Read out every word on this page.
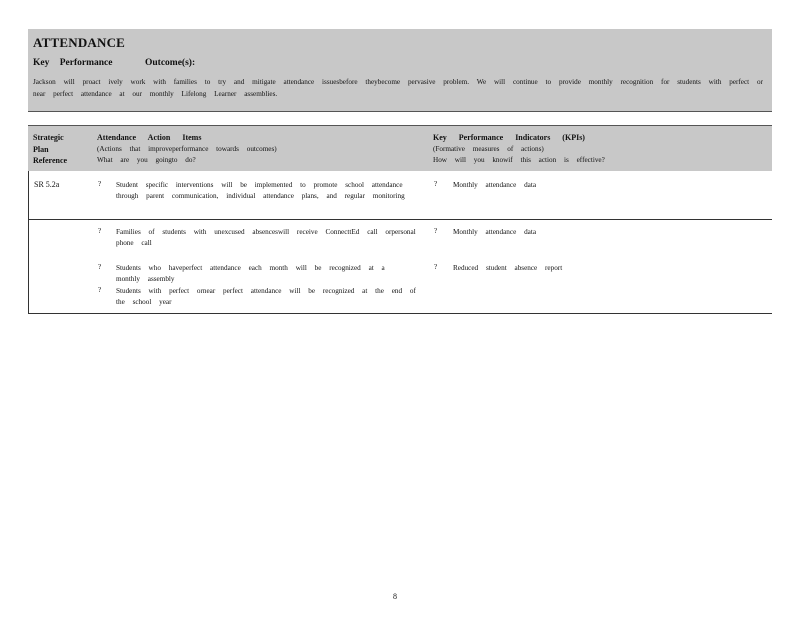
ATTENDANCE
Key Performance	Outcome(s):
Jackson will proact ively work with families to try and mitigate attendance issuesbefore theybecome pervasive problem. We will continue to provide monthly recognition for students with perfect or near perfect attendance at our monthly Lifelong Learner assemblies.
Strategic
Plan
Reference
Attendance Action Items
(Actions that improveperformance towards outcomes)
What are you goingto do?
Key Performance Indicators (KPIs)
(Formative measures of actions)
How will you knowif this action is effective?
SR 5.2a	? Student specific interventions will be implemented to promote school attendance through parent communication, individual attendance plans, and regular monitoring
? Monthly attendance data
? Families of students with unexcused absenceswill receive ConnecttEd call orpersonal phone call
? Students who haveperfect attendance each month will be recognized at a monthly assembly
? Students with perfect ornear perfect attendance will be recognized at the end of the school year
? Monthly attendance data
? Reduced student absence report
8
